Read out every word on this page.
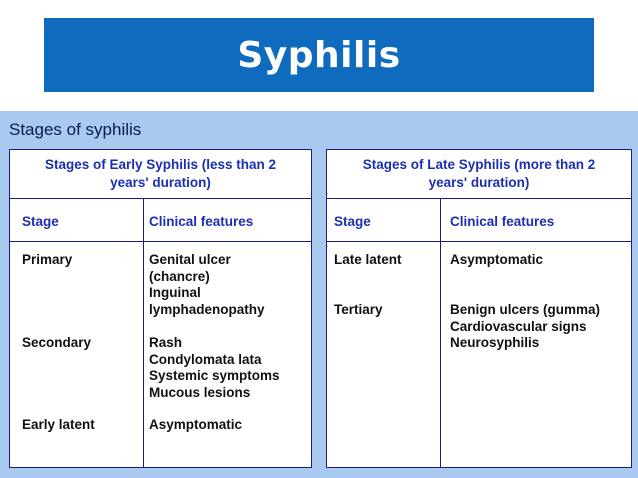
Syphilis
Stages of syphilis
Stages of Early Syphilis (less than 2
years' duration)
Stage	Clinical features
Primary	Genital ulcer
(chancre)
Inguinal
lymphadenopathy
Secondary	Rash
Condylomata lata
Systemic symptoms
Mucous lesions
Early latent	Asymptomatic
Stages of Late Syphilis (more than 2
years' duration)
Stage	Clinical features
Late latent	Asymptomatic
Tertiary	Benign ulcers (gumma)
Cardiovascular signs
Neurosyphilis
